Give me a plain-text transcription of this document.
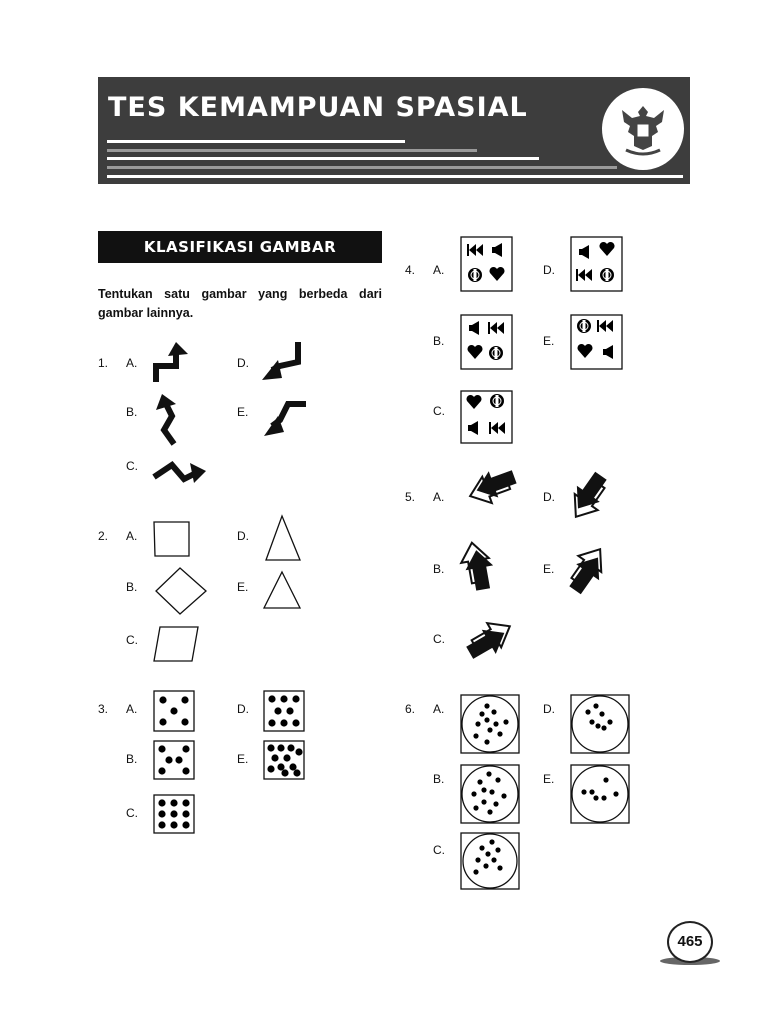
TES KEMAMPUAN SPASIAL
KLASIFIKASI GAMBAR
Tentukan satu gambar yang berbeda dari gambar lainnya.
1. A.
B.
C.
D.
E.
2. A.
B.
C.
D.
E.
3. A.
B.
C.
D.
E.
4. A.
B.
C.
D.
E.
5. A.
B.
C.
D.
E.
6. A.
B.
C.
D.
E.
465
